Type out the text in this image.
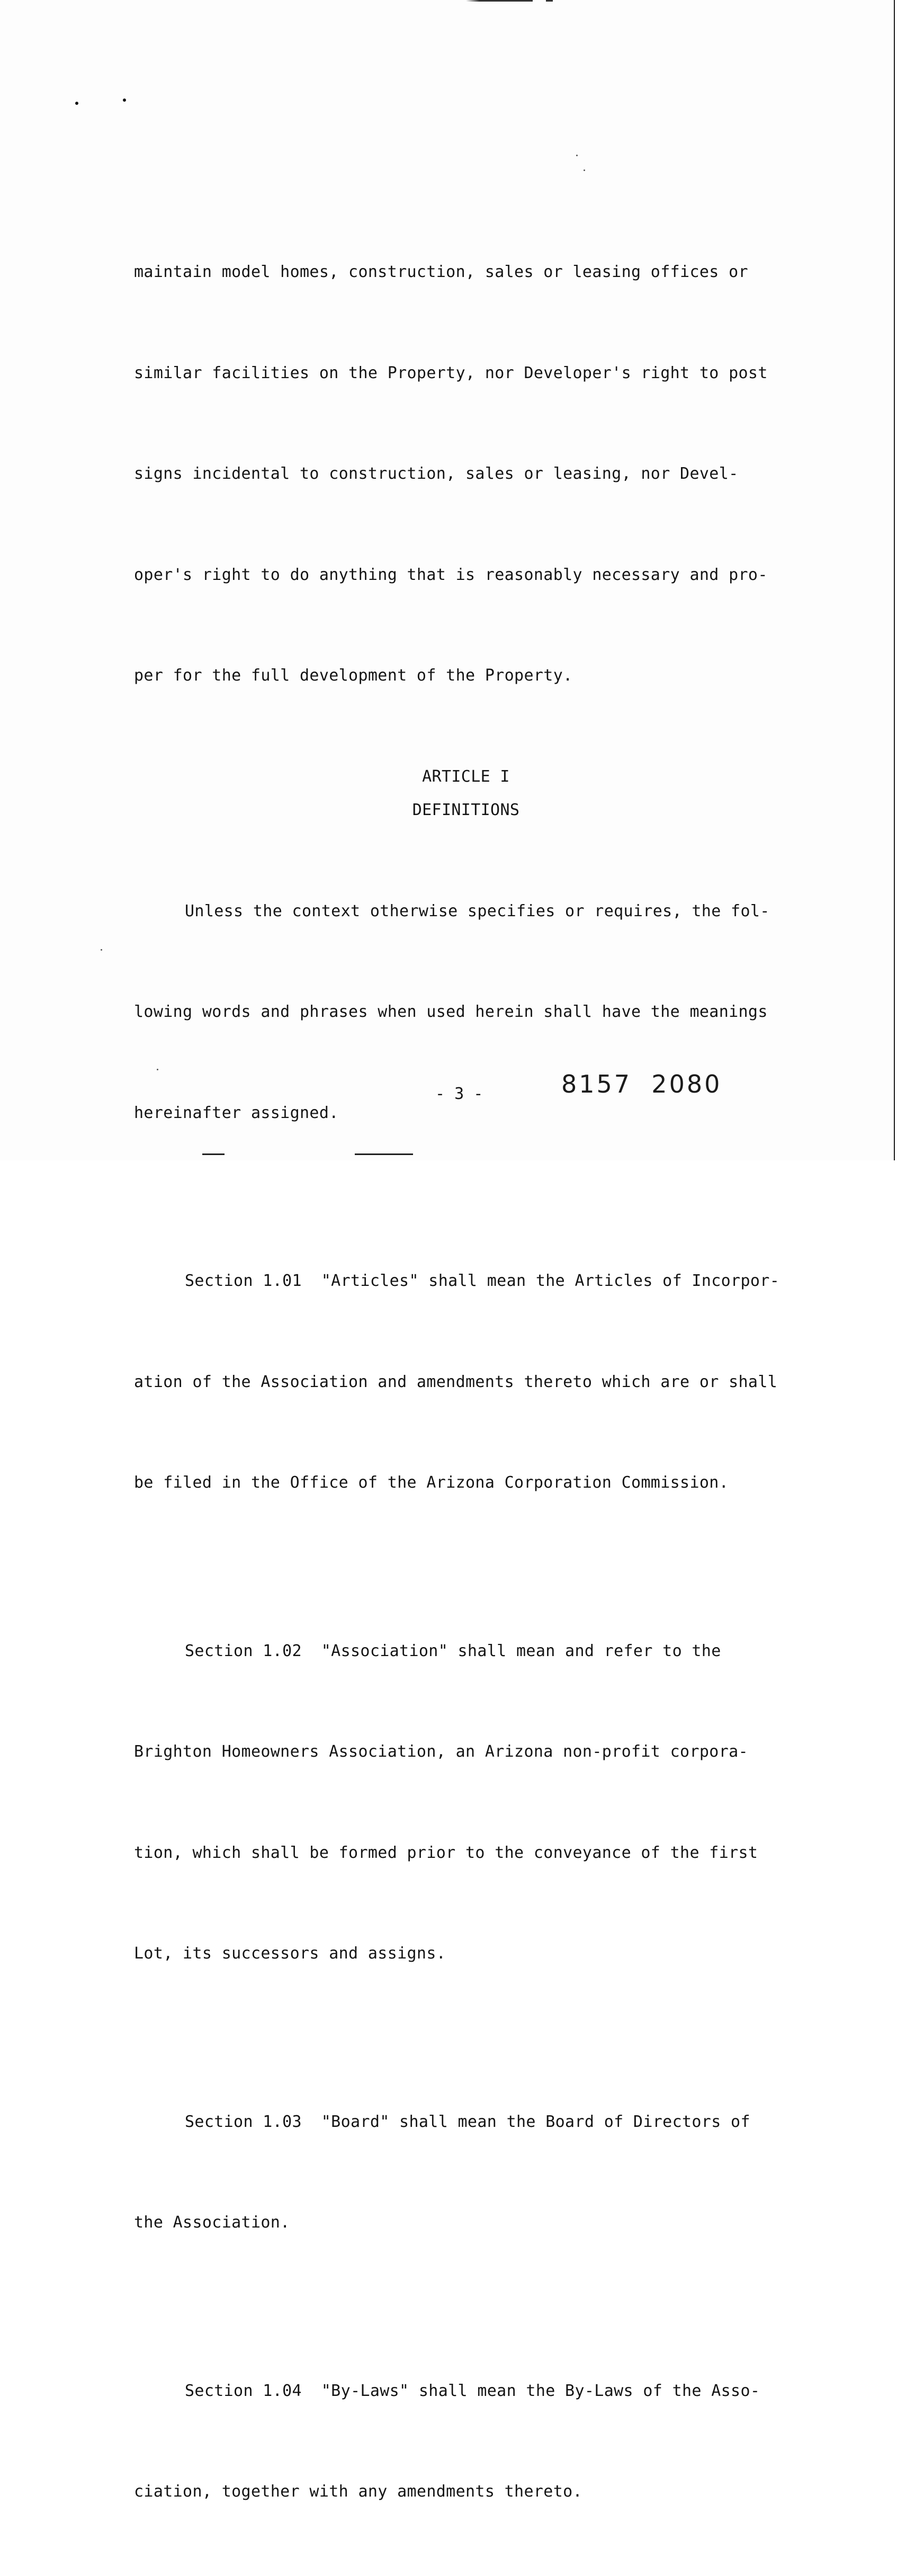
maintain model homes, construction, sales or leasing offices or

similar facilities on the Property, nor Developer's right to post

signs incidental to construction, sales or leasing, nor Devel-

oper's right to do anything that is reasonably necessary and pro-

per for the full development of the Property.

ARTICLE I
DEFINITIONS

Unless the context otherwise specifies or requires, the fol-

lowing words and phrases when used herein shall have the meanings

hereinafter assigned.

Section 1.01  "Articles" shall mean the Articles of Incorpor-

ation of the Association and amendments thereto which are or shall

be filed in the Office of the Arizona Corporation Commission.

Section 1.02  "Association" shall mean and refer to the

Brighton Homeowners Association, an Arizona non-profit corpora-

tion, which shall be formed prior to the conveyance of the first

Lot, its successors and assigns.

Section 1.03  "Board" shall mean the Board of Directors of

the Association.

Section 1.04  "By-Laws" shall mean the By-Laws of the Asso-

ciation, together with any amendments thereto.

- 3 -	8157  2080
